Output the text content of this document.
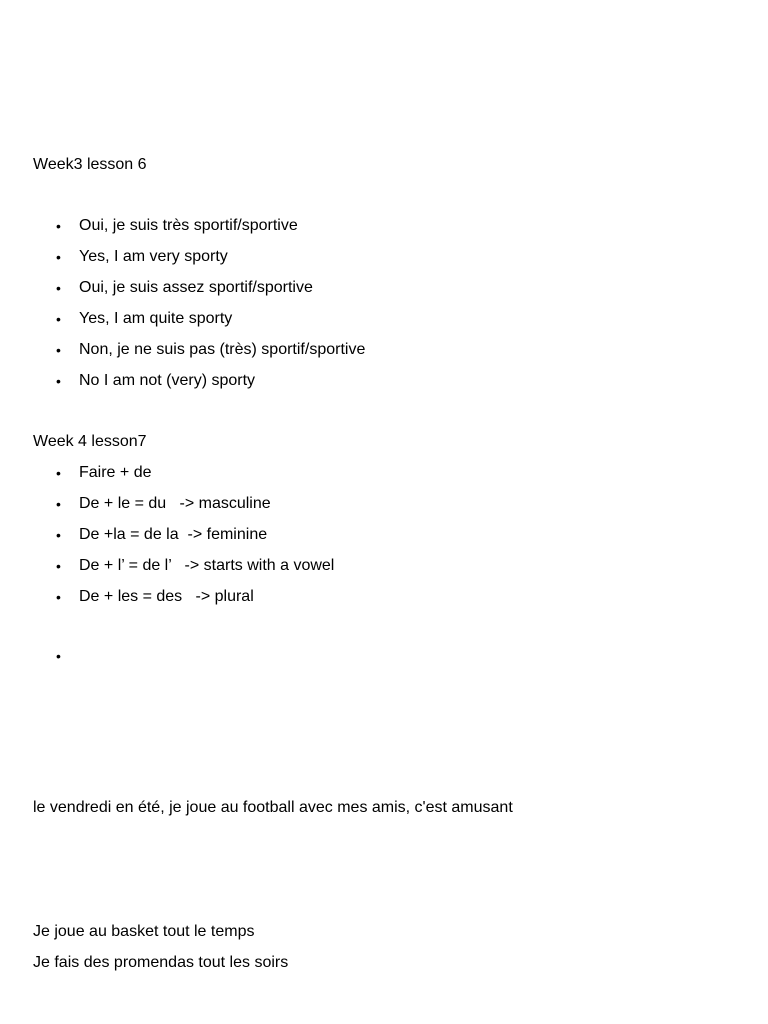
Week3 lesson 6
• Oui, je suis très sportif/sportive
• Yes, I am very sporty
• Oui, je suis assez sportif/sportive
• Yes, I am quite sporty
• Non, je ne suis pas (très) sportif/sportive
• No I am not (very) sporty
Week 4 lesson7
• Faire + de
• De + le = du   -> masculine
• De +la = de la  -> feminine
• De + l’ = de l’   -> starts with a vowel
• De + les = des   -> plural
•
le vendredi en été, je joue au football avec mes amis, c'est amusant
Je joue au basket tout le temps
Je fais des promendas tout les soirs
